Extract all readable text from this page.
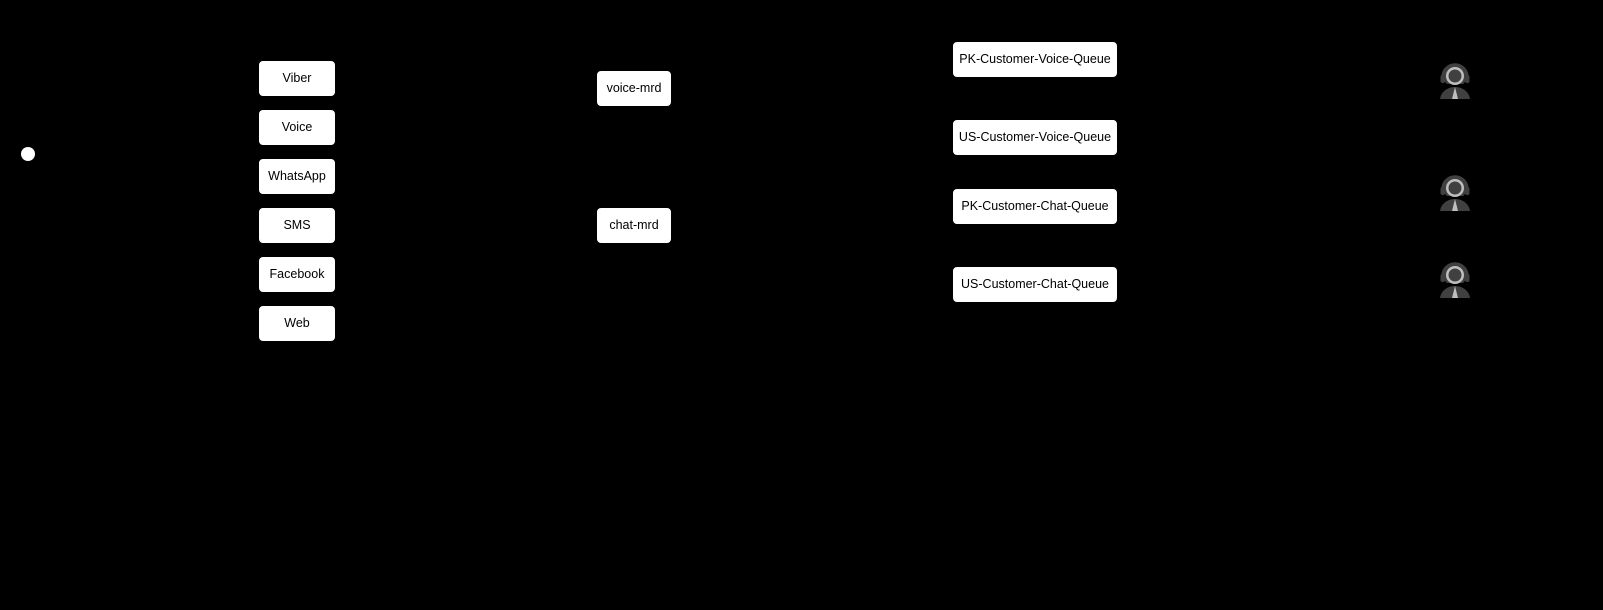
Viber
Voice
WhatsApp
SMS
Facebook
Web
voice-mrd
chat-mrd
PK-Customer-Voice-Queue
US-Customer-Voice-Queue
PK-Customer-Chat-Queue
US-Customer-Chat-Queue
